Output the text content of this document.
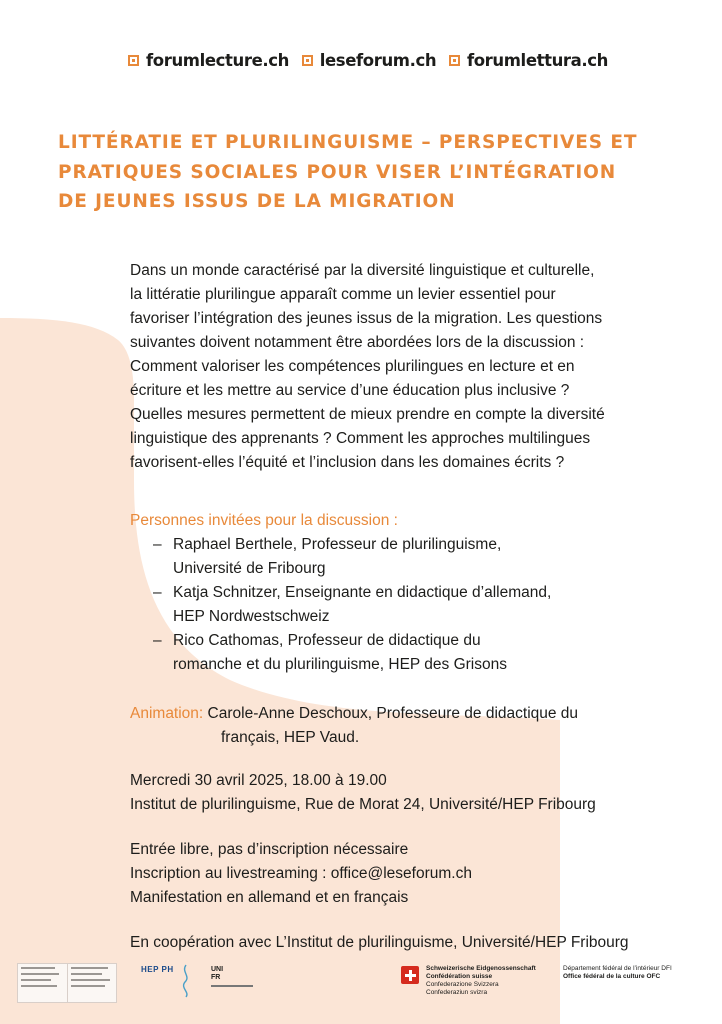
forumlecture.ch leseforum.ch forumlettura.ch
LITTÉRATIE ET PLURILINGUISME – PERSPECTIVES ET
PRATIQUES SOCIALES POUR VISER L’INTÉGRATION
DE JEUNES ISSUS DE LA MIGRATION

Dans un monde caractérisé par la diversité linguistique et culturelle,
la littératie plurilingue apparaît comme un levier essentiel pour
favoriser l’intégration des jeunes issus de la migration. Les questions
suivantes doivent notamment être abordées lors de la discussion :
Comment valoriser les compétences plurilingues en lecture et en
écriture et les mettre au service d’une éducation plus inclusive ?
Quelles mesures permettent de mieux prendre en compte la diversité
linguistique des apprenants ? Comment les approches multilingues
favorisent-elles l’équité et l’inclusion dans les domaines écrits ?

Personnes invitées pour la discussion :

– Raphael Berthele, Professeur de plurilinguisme,
Université de Fribourg
– Katja Schnitzer, Enseignante en didactique d’allemand,
HEP Nordwestschweiz
– Rico Cathomas, Professeur de didactique du
romanche et du plurilinguisme, HEP des Grisons

Animation: Carole-Anne Deschoux, Professeure de didactique du
français, HEP Vaud.

Mercredi 30 avril 2025, 18.00 à 19.00
Institut de plurilinguisme, Rue de Morat 24, Université/HEP Fribourg

Entrée libre, pas d’inscription nécessaire
Inscription au livestreaming : office@leseforum.ch
Manifestation en allemand et en français

En coopération avec L’Institut de plurilinguisme, Université/HEP Fribourg

HEP PH	UNI
FR
Schweizerische Eidgenossenschaft
Confédération suisse
Confederazione Svizzera
Confederaziun svizra
Département fédéral de l’intérieur DFI
Office fédéral de la culture OFC
